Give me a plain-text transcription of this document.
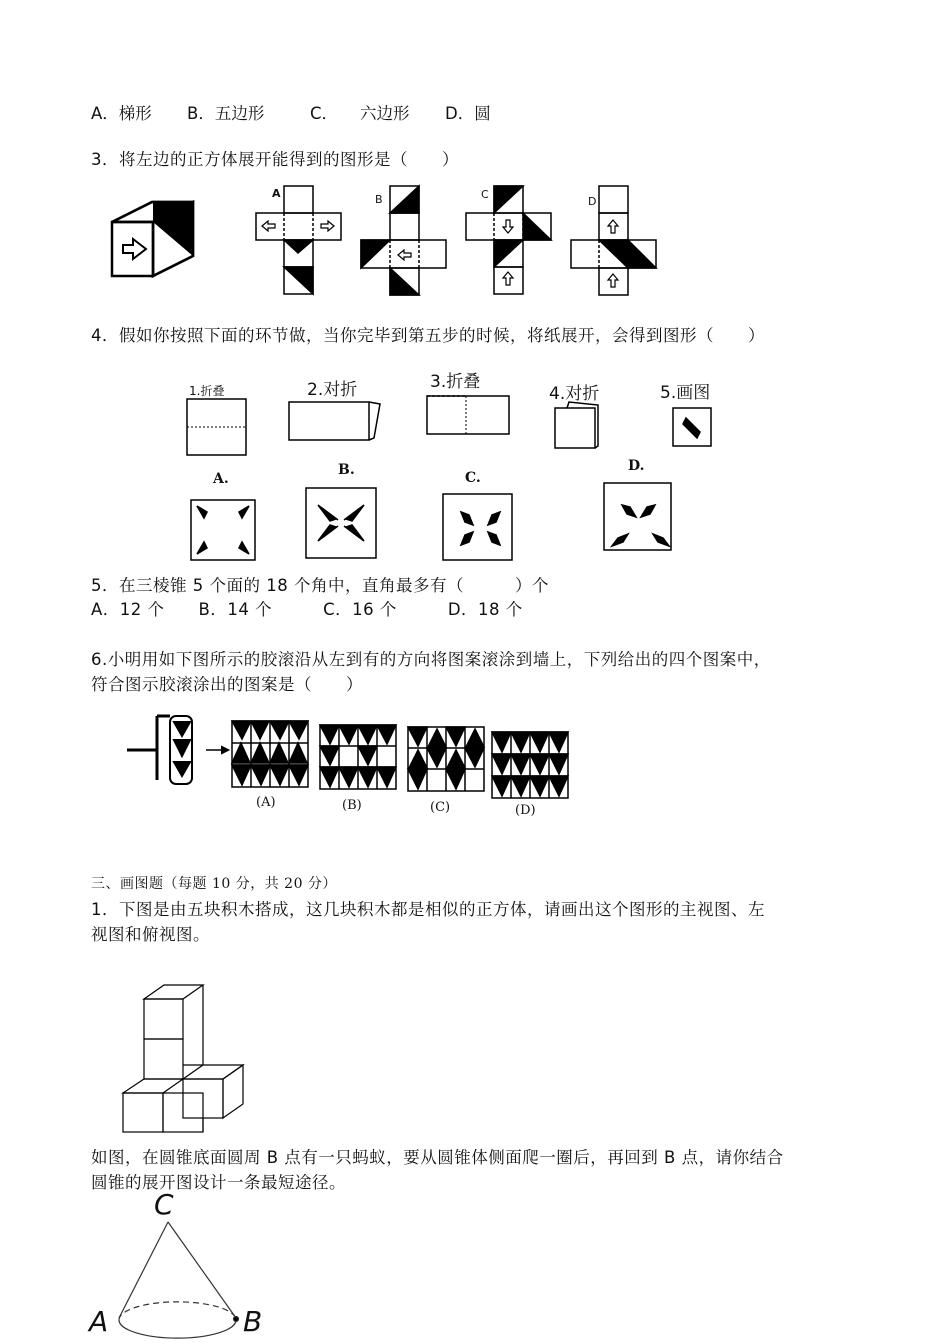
A．梯形 B．五边形	C． 六边形 D．圆
3．将左边的正方体展开能得到的图形是（　　）
A	B	C
D
4．假如你按照下面的环节做，当你完毕到第五步的时候，将纸展开，会得到图形（　　）
1.折叠	2.对折	3.折叠
4.对折	5.画图
A.
B.	C.
D.
5．在三棱锥 5 个面的 18 个角中，直角最多有（　　　）个
A．12 个　　B．14 个　　　C．16 个　　　D．18 个
6.小明用如下图所示的胶滚沿从左到有的方向将图案滚涂到墙上，下列给出的四个图案中，
符合图示胶滚涂出的图案是（　　）
(A)	(B)	(C)	(D)
三、画图题（每题 10 分，共 20 分）
1．下图是由五块积木搭成，这几块积木都是相似的正方体，请画出这个图形的主视图、左
视图和俯视图。
如图，在圆锥底面圆周 B 点有一只蚂蚁，要从圆锥体侧面爬一圈后，再回到 B 点，请你结合
圆锥的展开图设计一条最短途径。
C
A	B
